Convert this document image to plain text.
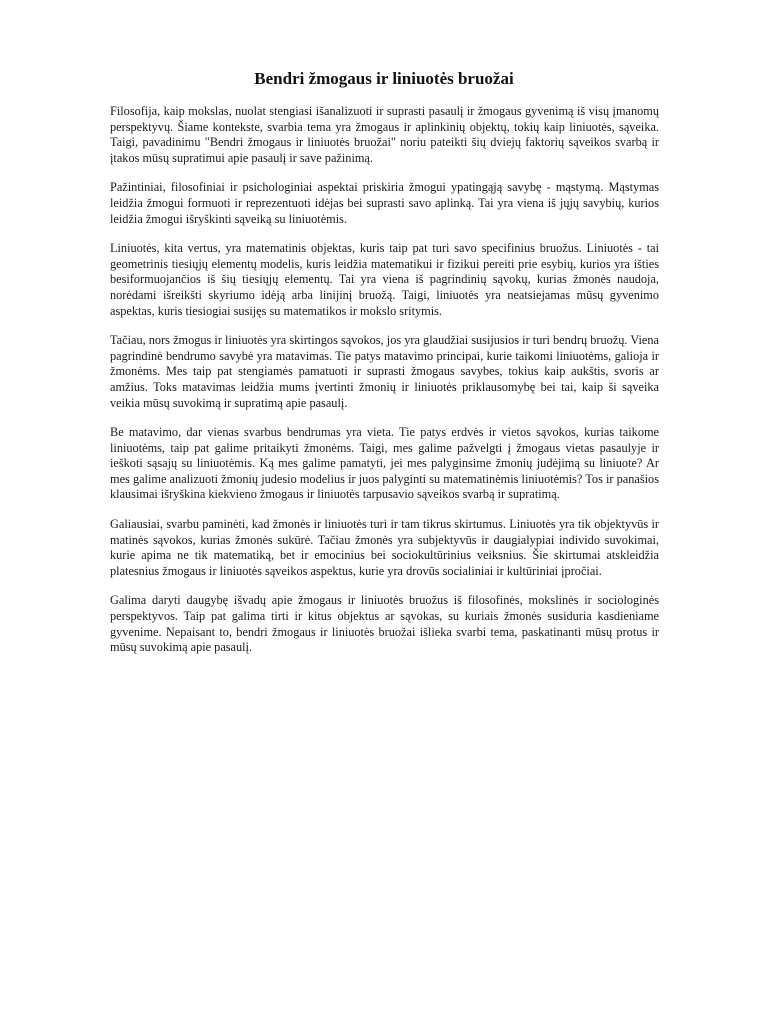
Bendri žmogaus ir liniuotės bruožai

Filosofija, kaip mokslas, nuolat stengiasi išanalizuoti ir suprasti pasaulį ir žmogaus gyvenimą iš visų įmanomų perspektyvų. Šiame kontekste, svarbia tema yra žmogaus ir aplinkinių objektų, tokių kaip liniuotės, sąveika. Taigi, pavadinimu "Bendri žmogaus ir liniuotės bruožai" noriu pateikti šių dviejų faktorių sąveikos svarbą ir įtakos mūsų supratimui apie pasaulį ir save pažinimą.

Pažintiniai, filosofiniai ir psichologiniai aspektai priskiria žmogui ypatingąją savybę - mąstymą. Mąstymas leidžia žmogui formuoti ir reprezentuoti idėjas bei suprasti savo aplinką. Tai yra viena iš jųjų savybių, kurios leidžia žmogui išryškinti sąveiką su liniuotėmis.

Liniuotės, kita vertus, yra matematinis objektas, kuris taip pat turi savo specifinius bruožus. Liniuotės - tai geometrinis tiesiųjų elementų modelis, kuris leidžia matematikui ir fizikui pereiti prie esybių, kurios yra išties besiformuojančios iš šių tiesiųjų elementų. Tai yra viena iš pagrindinių sąvokų, kurias žmonės naudoja, norėdami išreikšti skyriumo idėją arba linijinį bruožą. Taigi, liniuotės yra neatsiejamas mūsų gyvenimo aspektas, kuris tiesiogiai susijęs su matematikos ir mokslo sritymis.

Tačiau, nors žmogus ir liniuotės yra skirtingos sąvokos, jos yra glaudžiai susijusios ir turi bendrų bruožų. Viena pagrindinė bendrumo savybė yra matavimas. Tie patys matavimo principai, kurie taikomi liniuotėms, galioja ir žmonėms. Mes taip pat stengiamės pamatuoti ir suprasti žmogaus savybes, tokius kaip aukštis, svoris ar amžius. Toks matavimas leidžia mums įvertinti žmonių ir liniuotės priklausomybę bei tai, kaip ši sąveika veikia mūsų suvokimą ir supratimą apie pasaulį.

Be matavimo, dar vienas svarbus bendrumas yra vieta. Tie patys erdvės ir vietos sąvokos, kurias taikome liniuotėms, taip pat galime pritaikyti žmonėms. Taigi, mes galime pažvelgti į žmogaus vietas pasaulyje ir ieškoti sąsajų su liniuotėmis. Ką mes galime pamatyti, jei mes palyginsime žmonių judėjimą su liniuote? Ar mes galime analizuoti žmonių judesio modelius ir juos palyginti su matematinėmis liniuotėmis? Tos ir panašios klausimai išryškina kiekvieno žmogaus ir liniuotės tarpusavio sąveikos svarbą ir supratimą.

Galiausiai, svarbu paminėti, kad žmonės ir liniuotės turi ir tam tikrus skirtumus. Liniuotės yra tik objektyvūs ir matinės sąvokos, kurias žmonės sukūrė. Tačiau žmonės yra subjektyvūs ir daugialypiai individo suvokimai, kurie apima ne tik matematiką, bet ir emocinius bei sociokultūrinius veiksnius. Šie skirtumai atskleidžia platesnius žmogaus ir liniuotės sąveikos aspektus, kurie yra drovūs socialiniai ir kultūriniai įpročiai.

Galima daryti daugybę išvadų apie žmogaus ir liniuotės bruožus iš filosofinės, mokslinės ir sociologinės perspektyvos. Taip pat galima tirti ir kitus objektus ar sąvokas, su kuriais žmonės susiduria kasdieniame gyvenime. Nepaisant to, bendri žmogaus ir liniuotės bruožai išlieka svarbi tema, paskatinanti mūsų protus ir mūsų suvokimą apie pasaulį.
